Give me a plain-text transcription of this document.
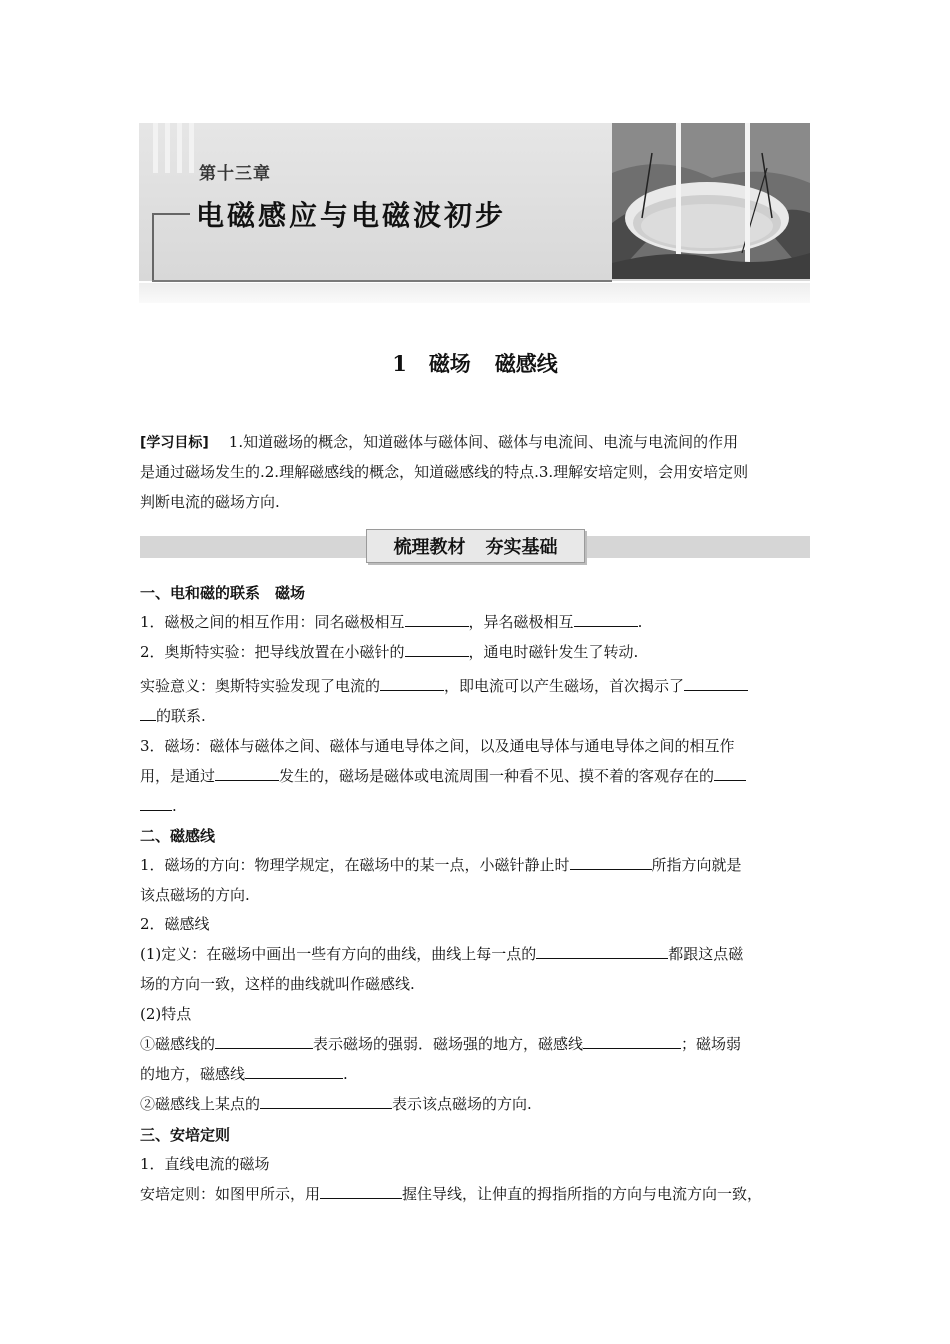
第十三章
电磁感应与电磁波初步
1 磁场 磁感线
[学习目标] 1.知道磁场的概念，知道磁体与磁体间、磁体与电流间、电流与电流间的作用
是通过磁场发生的.2.理解磁感线的概念，知道磁感线的特点.3.理解安培定则，会用安培定则
判断电流的磁场方向.
梳理教材 夯实基础
一、电和磁的联系　磁场
1．磁极之间的相互作用：同名磁极相互	，异名磁极相互	.
2．奥斯特实验：把导线放置在小磁针的	，通电时磁针发生了转动.
实验意义：奥斯特实验发现了电流的	，即电流可以产生磁场，首次揭示了
的联系.
3．磁场：磁体与磁体之间、磁体与通电导体之间，以及通电导体与通电导体之间的相互作
用，是通过	发生的，磁场是磁体或电流周围一种看不见、摸不着的客观存在的
.
二、磁感线
1．磁场的方向：物理学规定，在磁场中的某一点，小磁针静止时	所指方向就是
该点磁场的方向.
2．磁感线
(1)定义：在磁场中画出一些有方向的曲线，曲线上每一点的	都跟这点磁
场的方向一致，这样的曲线就叫作磁感线.
(2)特点
①磁感线的	表示磁场的强弱．磁场强的地方，磁感线	；磁场弱
的地方，磁感线	.
②磁感线上某点的	表示该点磁场的方向.
三、安培定则
1．直线电流的磁场
安培定则：如图甲所示，用	握住导线，让伸直的拇指所指的方向与电流方向一致，
